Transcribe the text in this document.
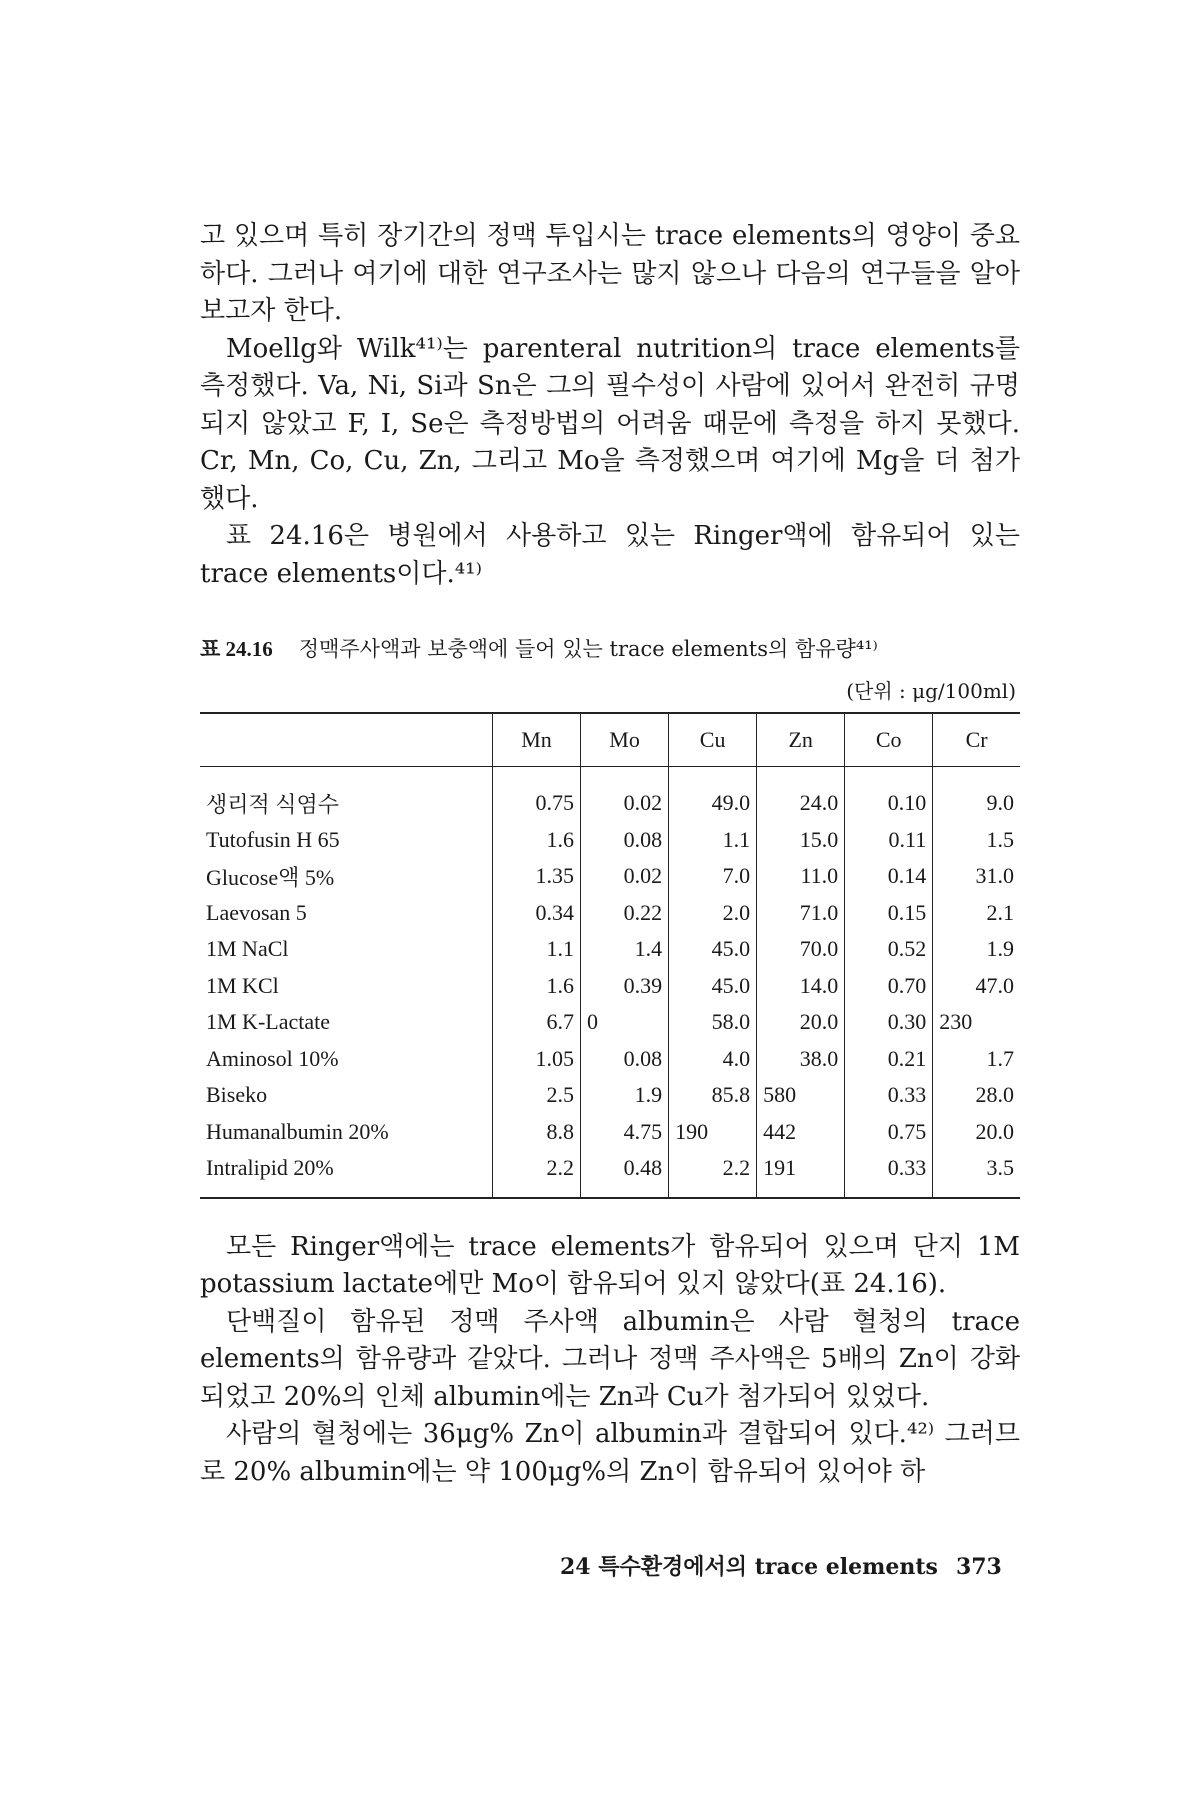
고 있으며 특히 장기간의 정맥 투입시는 trace elements의 영양이 중요하다. 그러나 여기에 대한 연구조사는 많지 않으나 다음의 연구들을 알아보고자 한다.

Moellg와 Wilk⁴¹⁾는 parenteral nutrition의 trace elements를 측정했다. Va, Ni, Si과 Sn은 그의 필수성이 사람에 있어서 완전히 규명되지 않았고 F, I, Se은 측정방법의 어려움 때문에 측정을 하지 못했다. Cr, Mn, Co, Cu, Zn, 그리고 Mo을 측정했으며 여기에 Mg을 더 첨가했다.

표 24.16은 병원에서 사용하고 있는 Ringer액에 함유되어 있는 trace elements이다.⁴¹⁾

표 24.16 정맥주사액과 보충액에 들어 있는 trace elements의 함유량⁴¹⁾
(단위 : μg/100ml)
	Mn	Mo	Cu	Zn	Co	Cr
생리적 식염수	0.75	0.02	49.0	24.0	0.10	9.0
Tutofusin H 65	1.6	0.08	1.1	15.0	0.11	1.5
Glucose액 5%	1.35	0.02	7.0	11.0	0.14	31.0
Laevosan 5	0.34	0.22	2.0	71.0	0.15	2.1
1M NaCl	1.1	1.4	45.0	70.0	0.52	1.9
1M KCl	1.6	0.39	45.0	14.0	0.70	47.0
1M K-Lactate	6.7	0	58.0	20.0	0.30	230
Aminosol 10%	1.05	0.08	4.0	38.0	0.21	1.7
Biseko	2.5	1.9	85.8	580	0.33	28.0
Humanalbumin 20%	8.8	4.75	190	442	0.75	20.0
Intralipid 20%	2.2	0.48	2.2	191	0.33	3.5

모든 Ringer액에는 trace elements가 함유되어 있으며 단지 1M potassium lactate에만 Mo이 함유되어 있지 않았다(표 24.16).

단백질이 함유된 정맥 주사액 albumin은 사람 혈청의 trace elements의 함유량과 같았다. 그러나 정맥 주사액은 5배의 Zn이 강화되었고 20%의 인체 albumin에는 Zn과 Cu가 첨가되어 있었다.

사람의 혈청에는 36μg% Zn이 albumin과 결합되어 있다.⁴²⁾ 그러므로 20% albumin에는 약 100μg%의 Zn이 함유되어 있어야 하

24 특수환경에서의 trace elements 373
